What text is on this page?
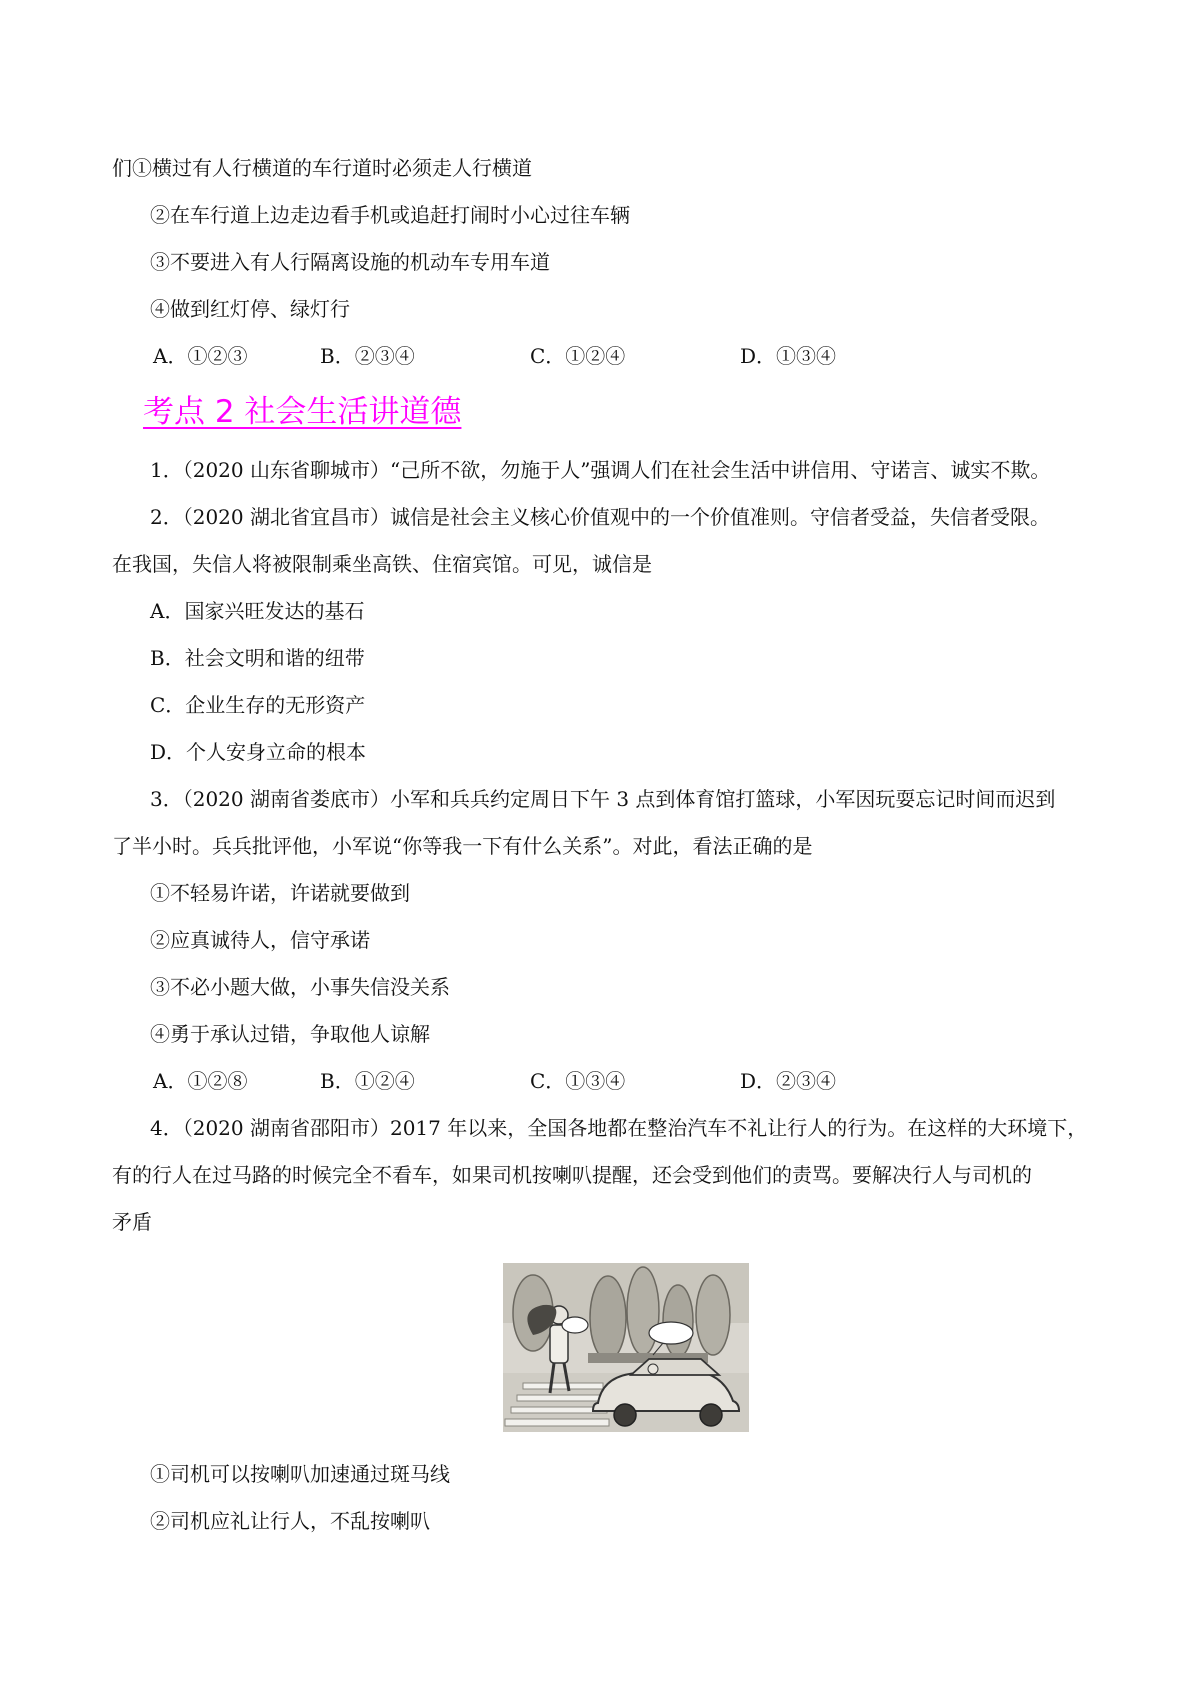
们①横过有人行横道的车行道时必须走人行横道
②在车行道上边走边看手机或追赶打闹时小心过往车辆
③不要进入有人行隔离设施的机动车专用车道
④做到红灯停、绿灯行
A．①②③	B．②③④	C．①②④	D．①③④
考点 2 社会生活讲道德
1．（2020 山东省聊城市）“己所不欲，勿施于人”强调人们在社会生活中讲信用、守诺言、诚实不欺。
2．（2020 湖北省宜昌市）诚信是社会主义核心价值观中的一个价值准则。守信者受益，失信者受限。
在我国，失信人将被限制乘坐高铁、住宿宾馆。可见，诚信是
A．国家兴旺发达的基石
B．社会文明和谐的纽带
C．企业生存的无形资产
D．个人安身立命的根本
3．（2020 湖南省娄底市）小军和兵兵约定周日下午 3 点到体育馆打篮球，小军因玩耍忘记时间而迟到
了半小时。兵兵批评他，小军说“你等我一下有什么关系”。对此，看法正确的是
①不轻易许诺，许诺就要做到
②应真诚待人，信守承诺
③不必小题大做，小事失信没关系
④勇于承认过错，争取他人谅解
A．①②⑧	B．①②④	C．①③④	D．②③④
4．（2020 湖南省邵阳市）2017 年以来，全国各地都在整治汽车不礼让行人的行为。在这样的大环境下，
有的行人在过马路的时候完全不看车，如果司机按喇叭提醒，还会受到他们的责骂。要解决行人与司机的
矛盾
①司机可以按喇叭加速通过斑马线
②司机应礼让行人，不乱按喇叭
